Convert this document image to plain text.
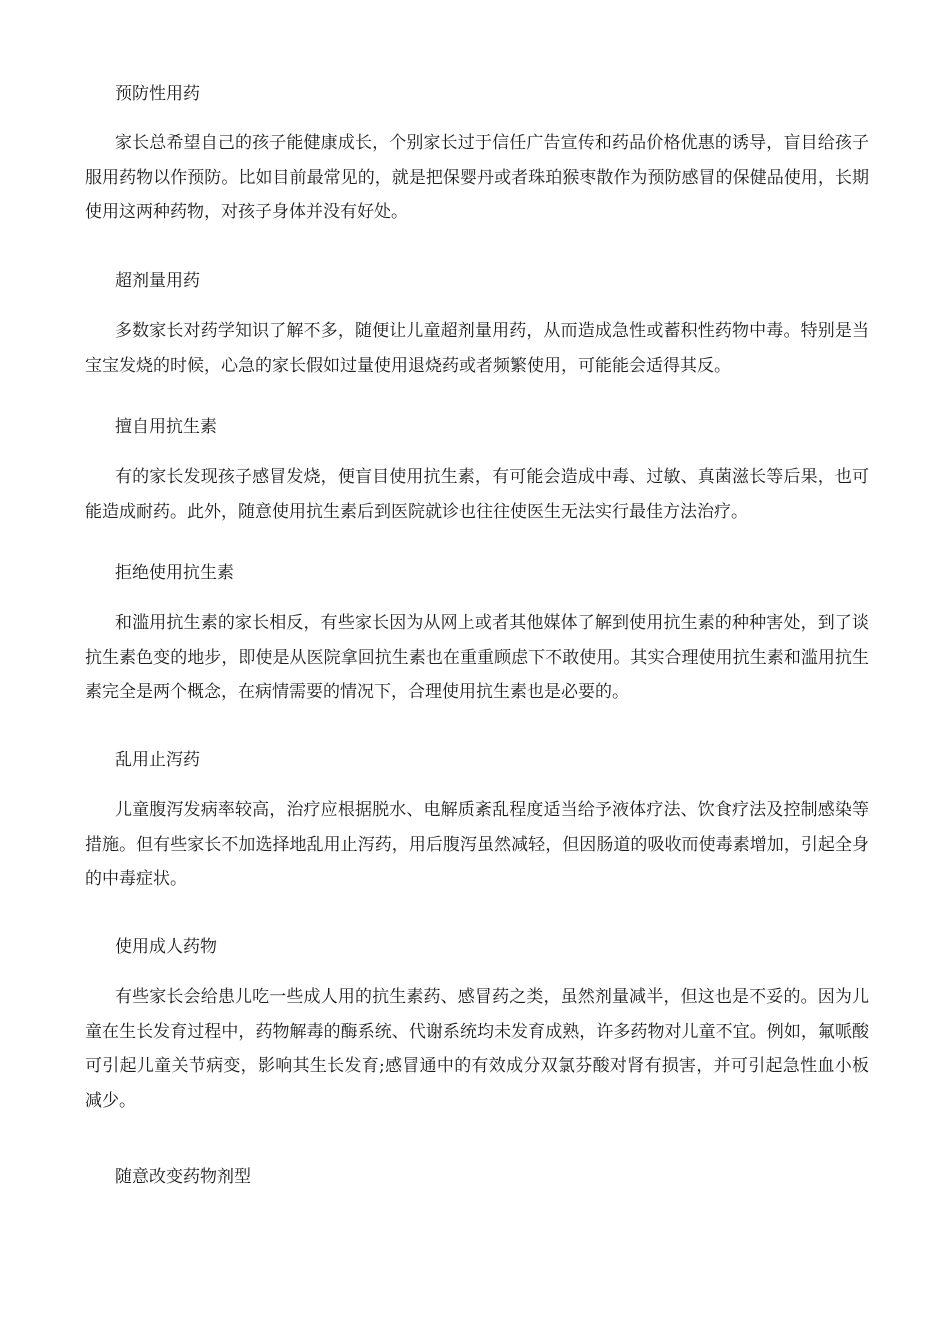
预防性用药
家长总希望自己的孩子能健康成长，个别家长过于信任广告宣传和药品价格优惠的诱导，盲目给孩子服用药物以作预防。比如目前最常见的，就是把保婴丹或者珠珀猴枣散作为预防感冒的保健品使用，长期使用这两种药物，对孩子身体并没有好处。
超剂量用药
多数家长对药学知识了解不多，随便让儿童超剂量用药，从而造成急性或蓄积性药物中毒。特别是当宝宝发烧的时候，心急的家长假如过量使用退烧药或者频繁使用，可能能会适得其反。
擅自用抗生素
有的家长发现孩子感冒发烧，便盲目使用抗生素，有可能会造成中毒、过敏、真菌滋长等后果，也可能造成耐药。此外，随意使用抗生素后到医院就诊也往往使医生无法实行最佳方法治疗。
拒绝使用抗生素
和滥用抗生素的家长相反，有些家长因为从网上或者其他媒体了解到使用抗生素的种种害处，到了谈抗生素色变的地步，即使是从医院拿回抗生素也在重重顾虑下不敢使用。其实合理使用抗生素和滥用抗生素完全是两个概念，在病情需要的情况下，合理使用抗生素也是必要的。
乱用止泻药
儿童腹泻发病率较高，治疗应根据脱水、电解质紊乱程度适当给予液体疗法、饮食疗法及控制感染等措施。但有些家长不加选择地乱用止泻药，用后腹泻虽然减轻，但因肠道的吸收而使毒素增加，引起全身的中毒症状。
使用成人药物
有些家长会给患儿吃一些成人用的抗生素药、感冒药之类，虽然剂量减半，但这也是不妥的。因为儿童在生长发育过程中，药物解毒的酶系统、代谢系统均未发育成熟，许多药物对儿童不宜。例如，氟哌酸可引起儿童关节病变，影响其生长发育;感冒通中的有效成分双氯芬酸对肾有损害，并可引起急性血小板减少。
随意改变药物剂型
